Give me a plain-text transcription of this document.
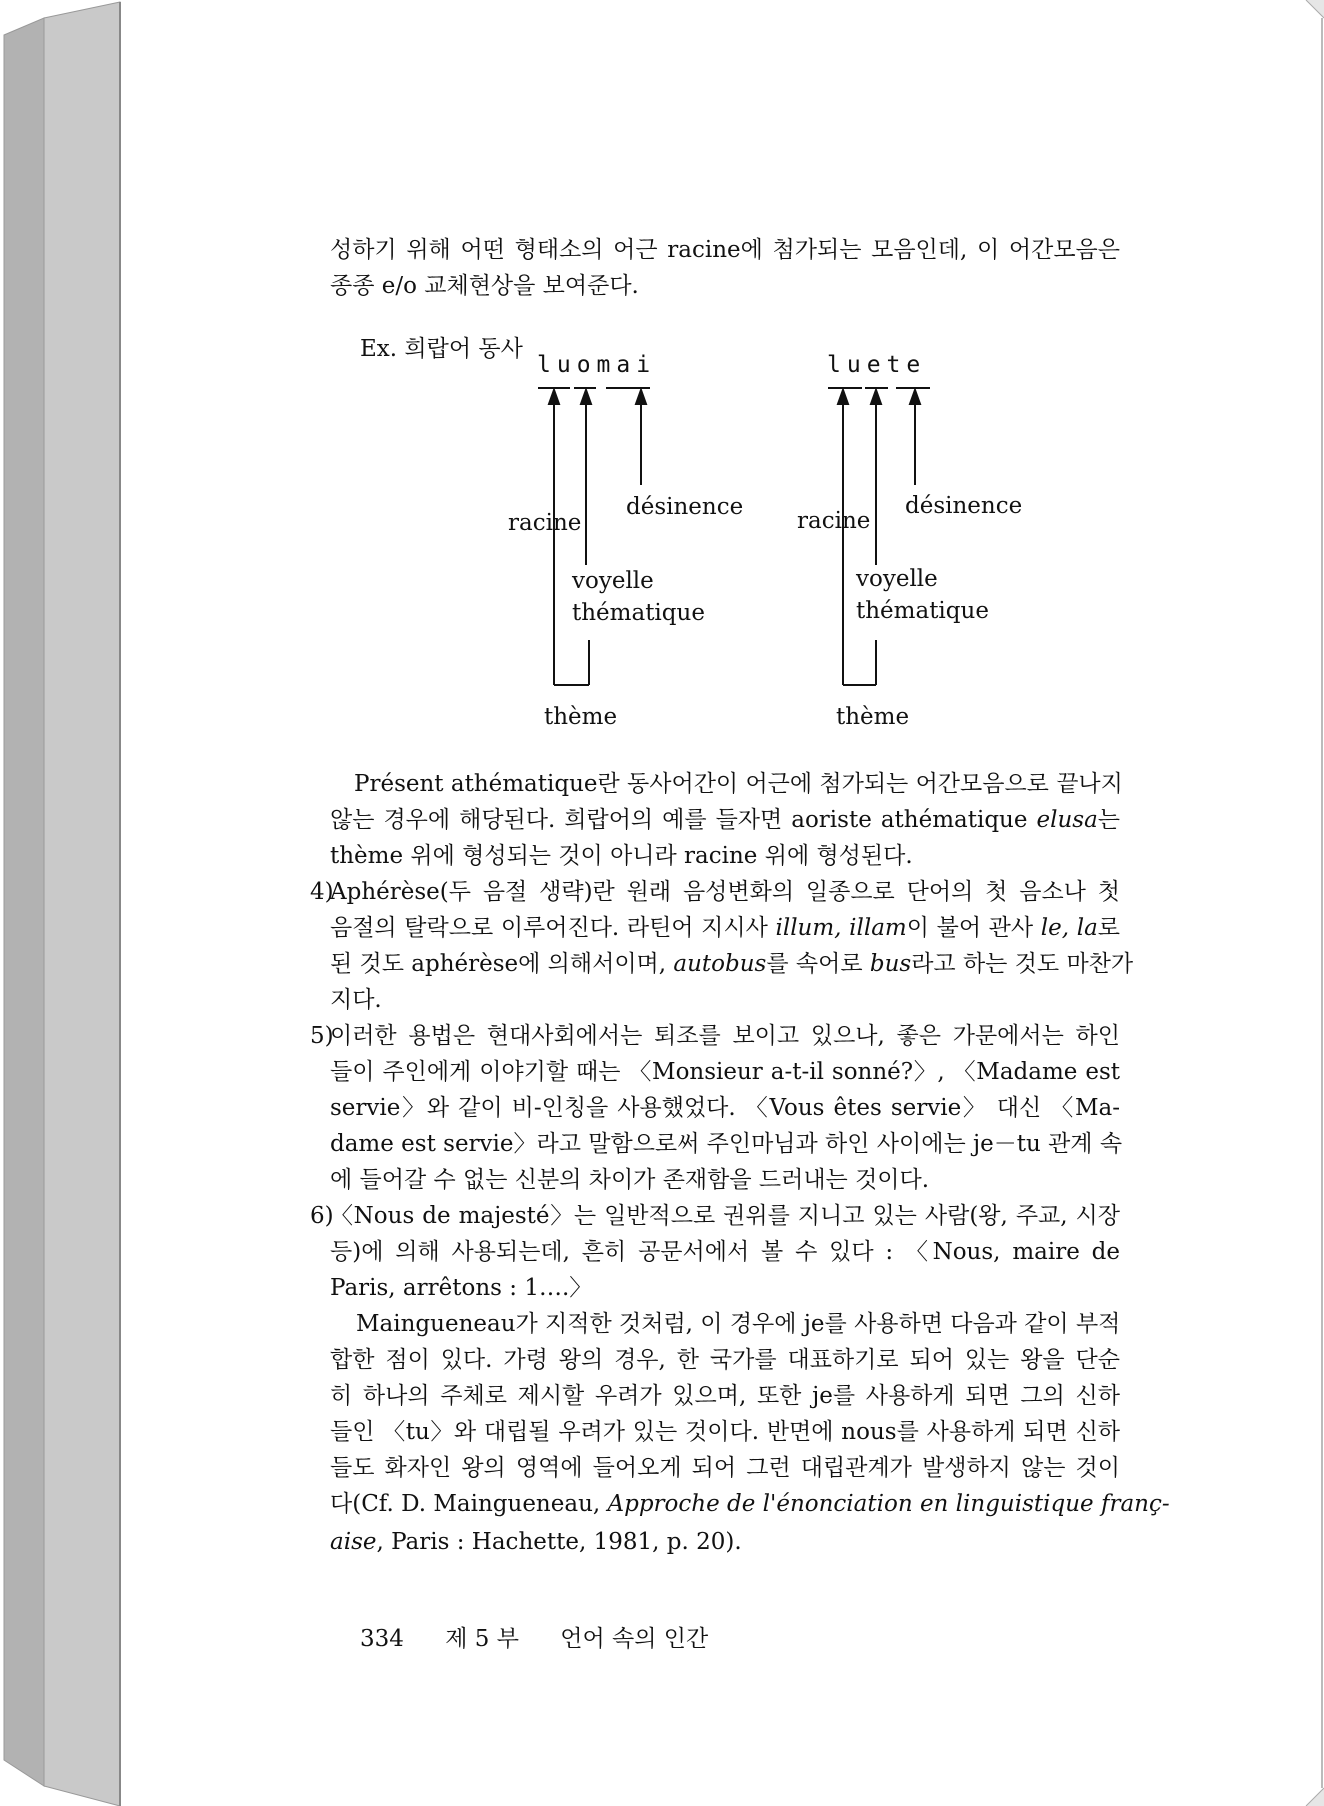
성하기 위해 어떤 형태소의 어근 racine에 첨가되는 모음인데, 이 어간모음은
종종 e/o 교체현상을 보여준다.
Ex. 희랍어 동사
luomai
racine
désinence
voyelle
thématique
thème
luete
racine
désinence
voyelle
thématique
thème
Présent athématique란 동사어간이 어근에 첨가되는 어간모음으로 끝나지
않는 경우에 해당된다. 희랍어의 예를 들자면 aoriste athématique elusa는
thème 위에 형성되는 것이 아니라 racine 위에 형성된다.
4)
Aphérèse(두 음절 생략)란 원래 음성변화의 일종으로 단어의 첫 음소나 첫
음절의 탈락으로 이루어진다. 라틴어 지시사 illum, illam이 불어 관사 le, la로
된 것도 aphérèse에 의해서이며, autobus를 속어로 bus라고 하는 것도 마찬가
지다.
5)
이러한 용법은 현대사회에서는 퇴조를 보이고 있으나, 좋은 가문에서는 하인
들이 주인에게 이야기할 때는 〈Monsieur a-t-il sonné?〉, 〈Madame est
servie〉와 같이 비-인칭을 사용했었다. 〈Vous êtes servie〉 대신 〈Ma-
dame est servie〉라고 말함으로써 주인마님과 하인 사이에는 je－tu 관계 속
에 들어갈 수 없는 신분의 차이가 존재함을 드러내는 것이다.
6)
〈Nous de majesté〉는 일반적으로 권위를 지니고 있는 사람(왕, 주교, 시장
등)에 의해 사용되는데, 흔히 공문서에서 볼 수 있다 : 〈Nous, maire de
Paris, arrêtons : 1….〉
Maingueneau가 지적한 것처럼, 이 경우에 je를 사용하면 다음과 같이 부적
합한 점이 있다. 가령 왕의 경우, 한 국가를 대표하기로 되어 있는 왕을 단순
히 하나의 주체로 제시할 우려가 있으며, 또한 je를 사용하게 되면 그의 신하
들인 〈tu〉와 대립될 우려가 있는 것이다. 반면에 nous를 사용하게 되면 신하
들도 화자인 왕의 영역에 들어오게 되어 그런 대립관계가 발생하지 않는 것이
다(Cf. D. Maingueneau, Approche de l'énonciation en linguistique franç-
aise, Paris : Hachette, 1981, p. 20).
334 제 5 부 언어 속의 인간
